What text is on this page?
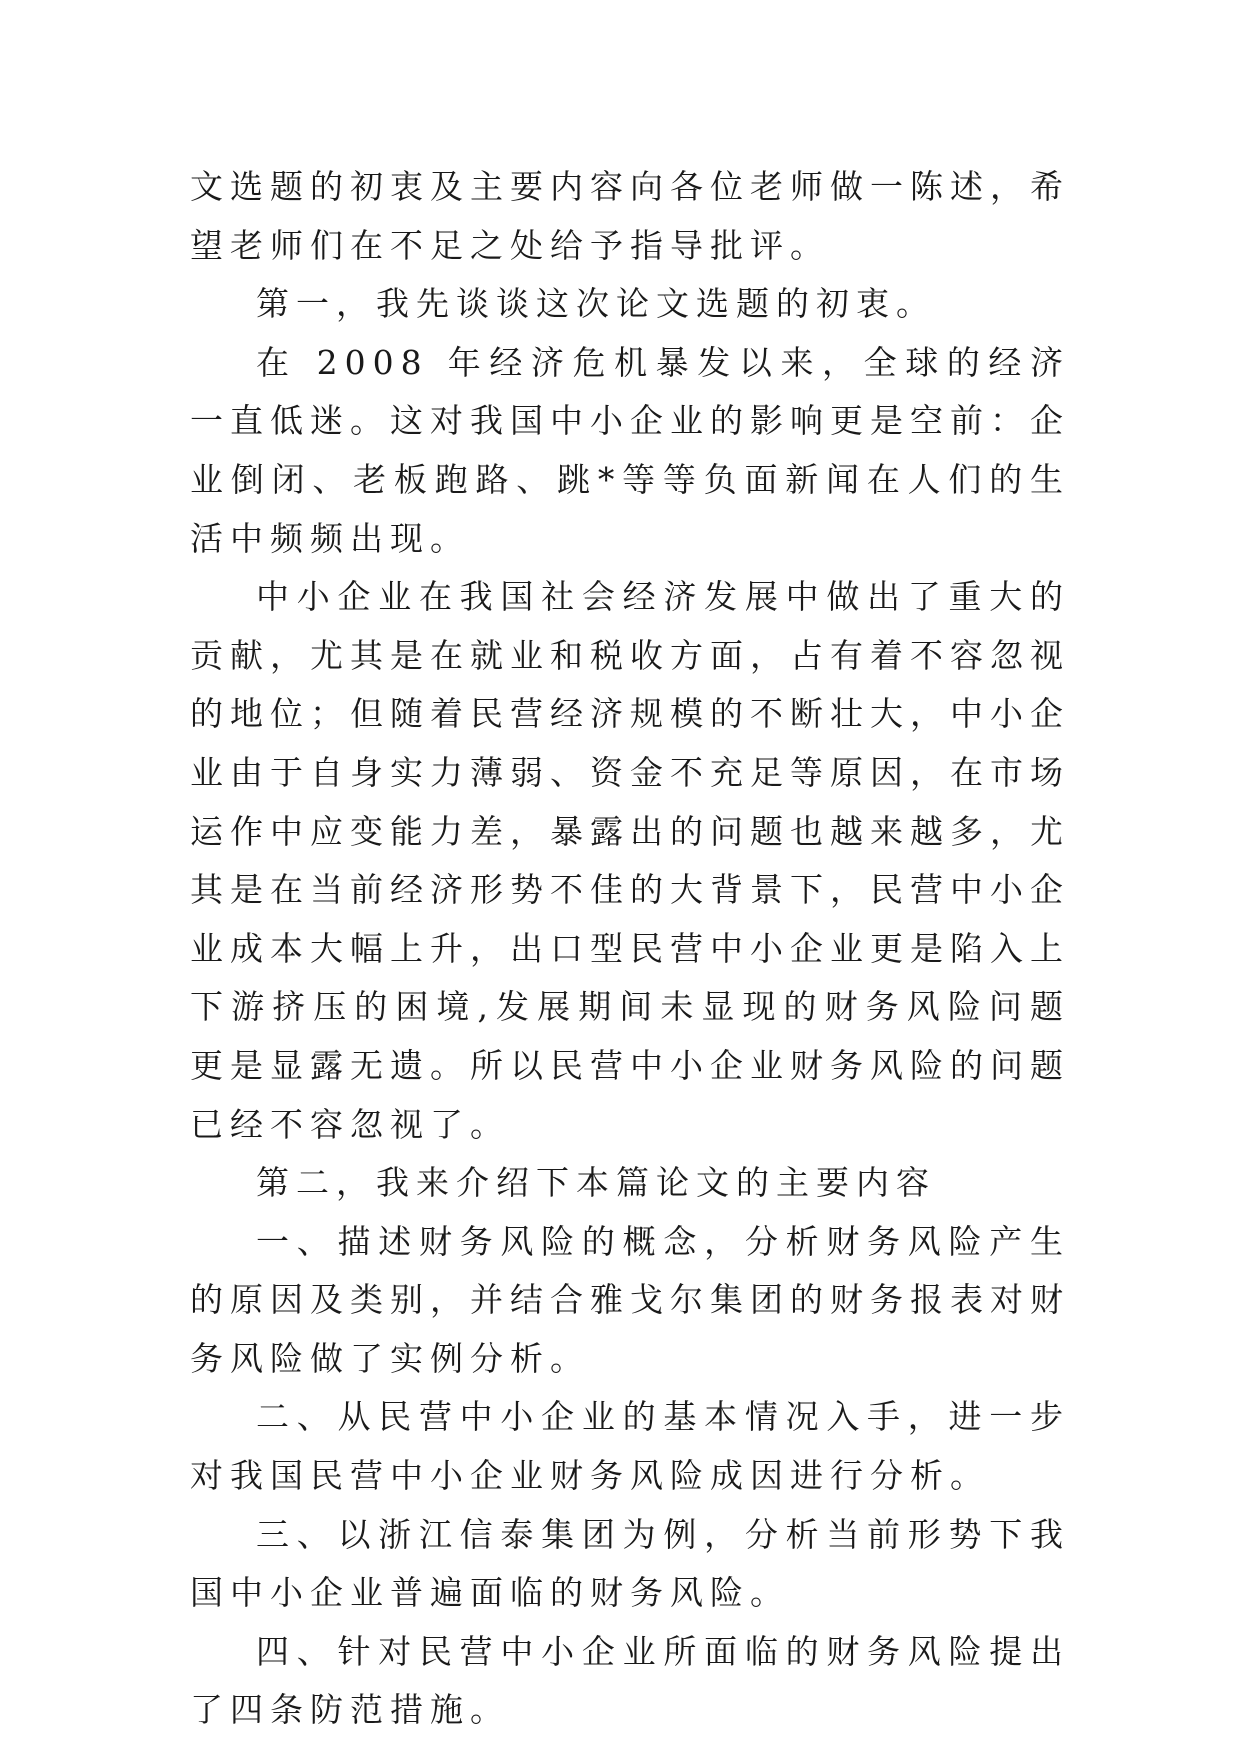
文选题的初衷及主要内容向各位老师做一陈述，希望老师们在不足之处给予指导批评。

第一，我先谈谈这次论文选题的初衷。

在 2008 年经济危机暴发以来，全球的经济一直低迷。这对我国中小企业的影响更是空前：企业倒闭、老板跑路、跳*等等负面新闻在人们的生活中频频出现。

中小企业在我国社会经济发展中做出了重大的贡献，尤其是在就业和税收方面，占有着不容忽视的地位；但随着民营经济规模的不断壮大，中小企业由于自身实力薄弱、资金不充足等原因，在市场运作中应变能力差，暴露出的问题也越来越多，尤其是在当前经济形势不佳的大背景下，民营中小企业成本大幅上升，出口型民营中小企业更是陷入上下游挤压的困境,发展期间未显现的财务风险问题更是显露无遗。所以民营中小企业财务风险的问题已经不容忽视了。

第二，我来介绍下本篇论文的主要内容

一、描述财务风险的概念，分析财务风险产生的原因及类别，并结合雅戈尔集团的财务报表对财务风险做了实例分析。

二、从民营中小企业的基本情况入手，进一步对我国民营中小企业财务风险成因进行分析。

三、以浙江信泰集团为例，分析当前形势下我国中小企业普遍面临的财务风险。

四、针对民营中小企业所面临的财务风险提出了四条防范措施。
